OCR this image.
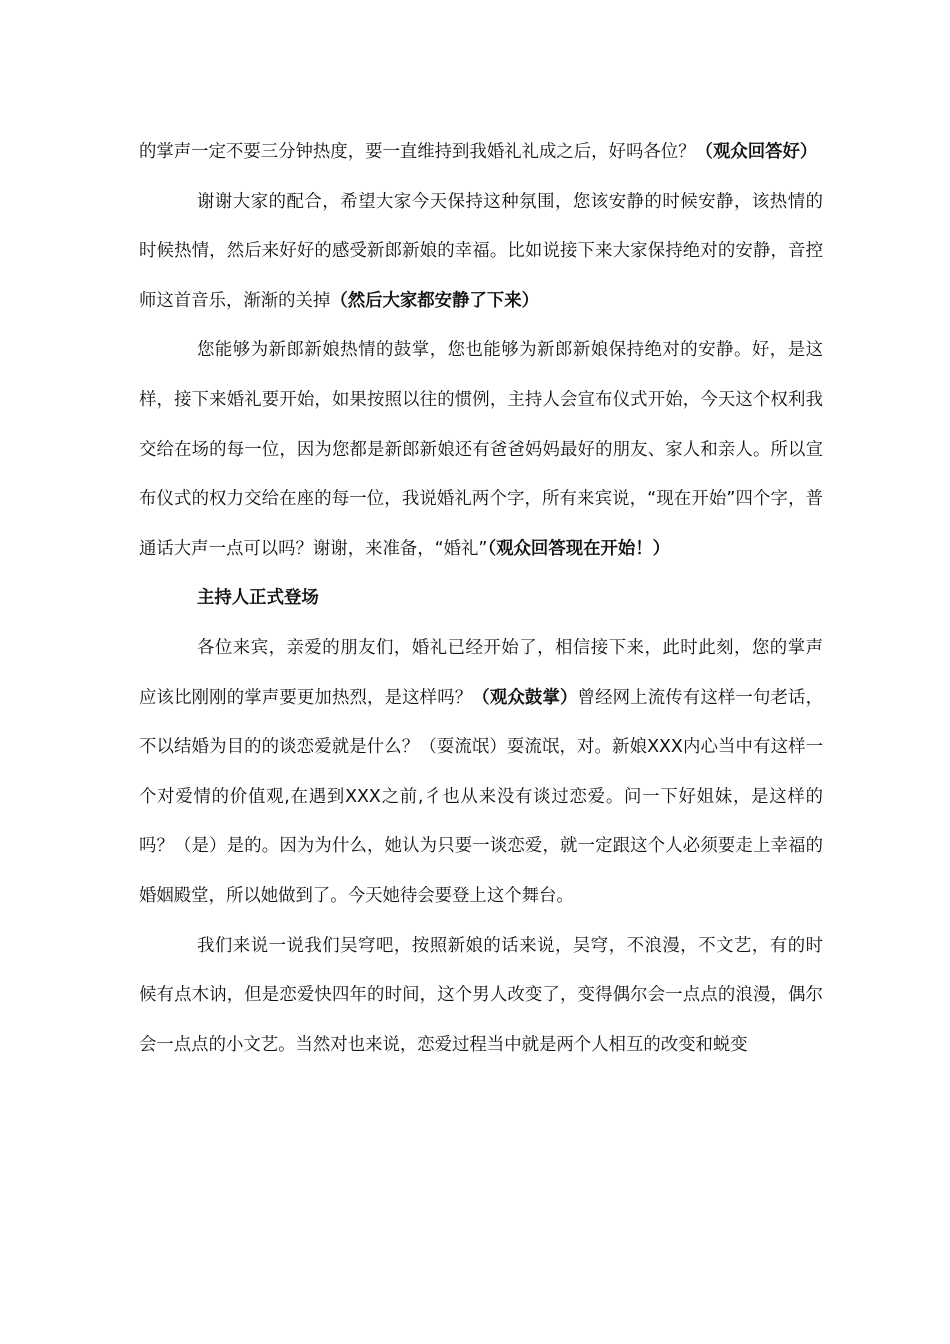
的掌声一定不要三分钟热度，要一直维持到我婚礼礼成之后，好吗各位？（观众回答好）

谢谢大家的配合，希望大家今天保持这种氛围，您该安静的时候安静，该热情的时候热情，然后来好好的感受新郎新娘的幸福。比如说接下来大家保持绝对的安静，音控师这首音乐，渐渐的关掉（然后大家都安静了下来）

您能够为新郎新娘热情的鼓掌，您也能够为新郎新娘保持绝对的安静。好，是这样，接下来婚礼要开始，如果按照以往的惯例，主持人会宣布仪式开始，今天这个权利我交给在场的每一位，因为您都是新郎新娘还有爸爸妈妈最好的朋友、家人和亲人。所以宣布仪式的权力交给在座的每一位，我说婚礼两个字，所有来宾说，“现在开始”四个字，普通话大声一点可以吗？谢谢，来准备，“婚礼”（观众回答现在开始！）

主持人正式登场

各位来宾，亲爱的朋友们，婚礼已经开始了，相信接下来，此时此刻，您的掌声应该比刚刚的掌声要更加热烈，是这样吗？（观众鼓掌）曾经网上流传有这样一句老话，不以结婚为目的的谈恋爱就是什么？（耍流氓）耍流氓，对。新娘XXX内心当中有这样一个对爱情的价值观,在遇到XXX之前,彳也从来没有谈过恋爱。问一下好姐妹，是这样的吗？（是）是的。因为为什么，她认为只要一谈恋爱，就一定跟这个人必须要走上幸福的婚姻殿堂，所以她做到了。今天她待会要登上这个舞台。

我们来说一说我们吴穹吧，按照新娘的话来说，吴穹，不浪漫，不文艺，有的时候有点木讷，但是恋爱快四年的时间，这个男人改变了，变得偶尔会一点点的浪漫，偶尔会一点点的小文艺。当然对也来说，恋爱过程当中就是两个人相互的改变和蜕变
